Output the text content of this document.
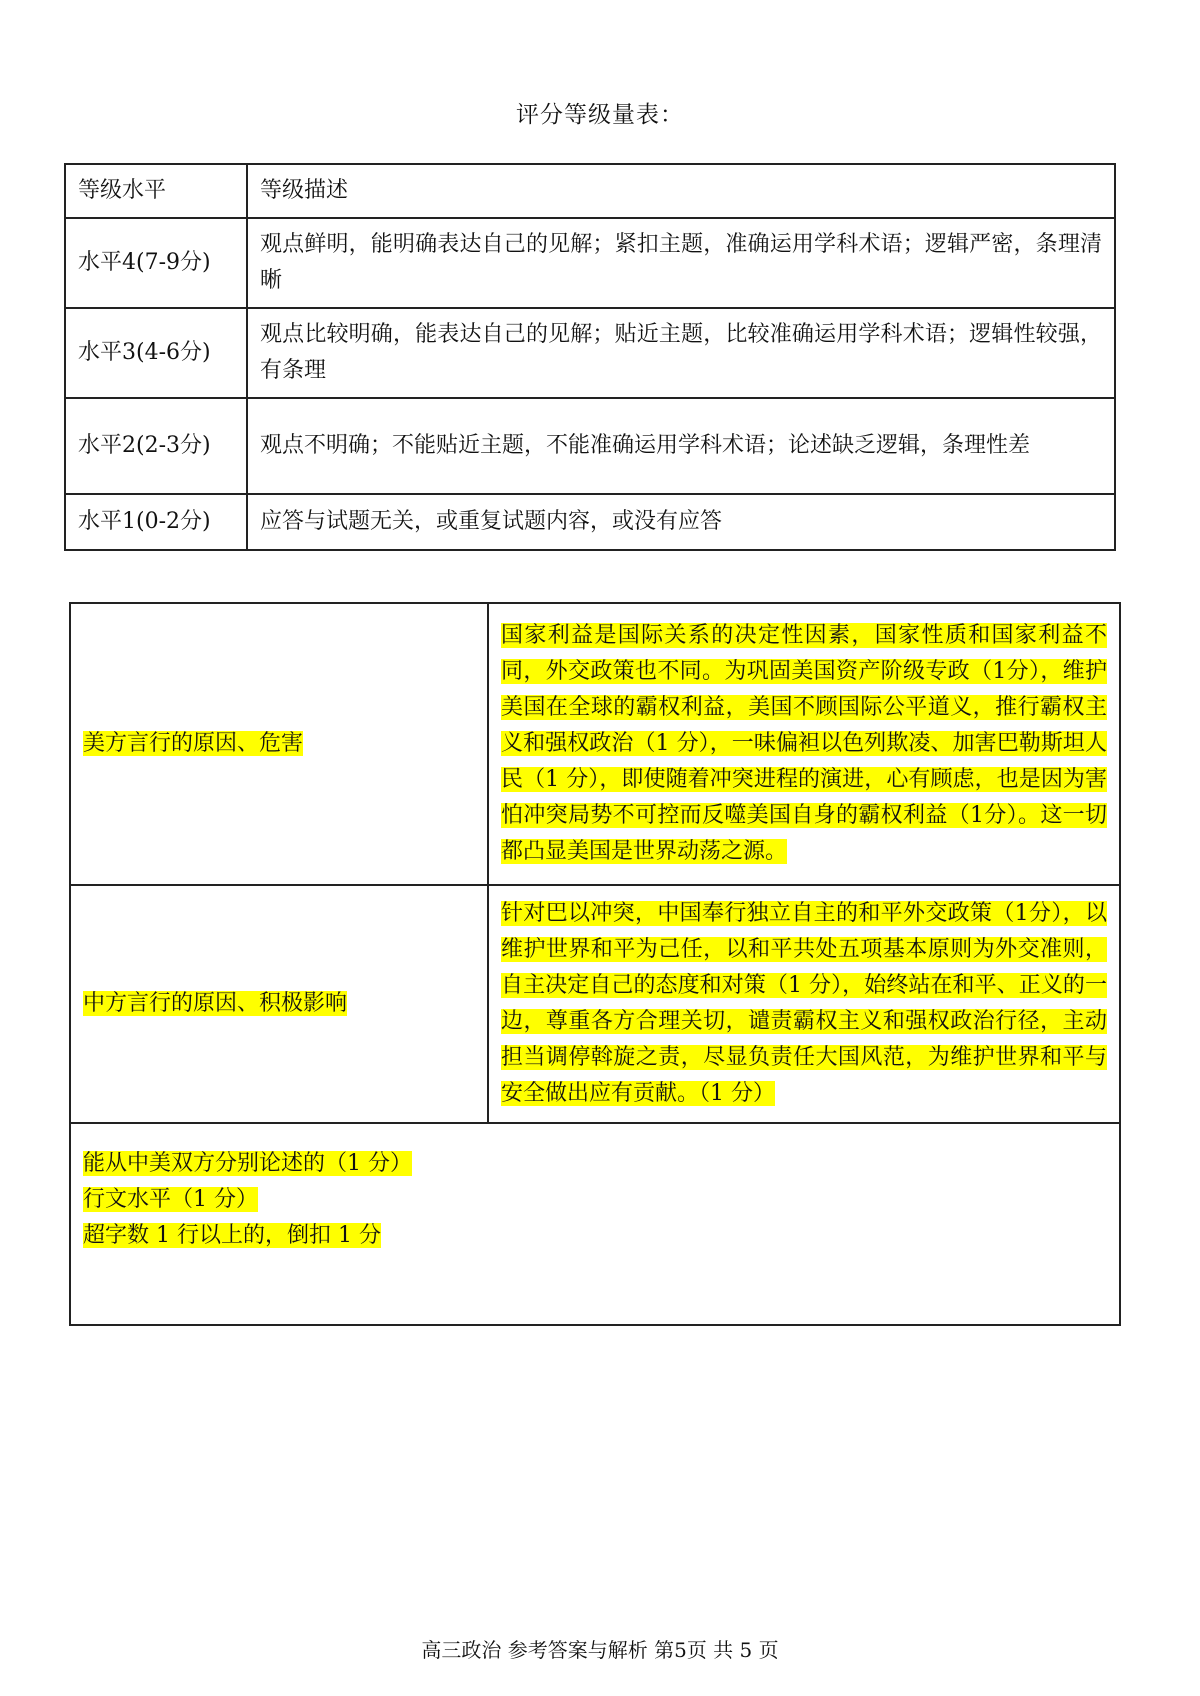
评分等级量表：
等级水平	等级描述
水平4(7-9分)	观点鲜明，能明确表达自己的见解；紧扣主题，准确运用学科术语；逻辑严密，条理清晰
水平3(4-6分)	观点比较明确，能表达自己的见解；贴近主题，比较准确运用学科术语；逻辑性较强，有条理
水平2(2-3分)	观点不明确；不能贴近主题，不能准确运用学科术语；论述缺乏逻辑，条理性差
水平1(0-2分)	应答与试题无关，或重复试题内容，或没有应答
美方言行的原因、危害	国家利益是国际关系的决定性因素，国家性质和国家利益不同，外交政策也不同。为巩固美国资产阶级专政（1分），维护美国在全球的霸权利益，美国不顾国际公平道义，推行霸权主义和强权政治（1 分），一味偏袒以色列欺凌、加害巴勒斯坦人民（1 分），即使随着冲突进程的演进，心有顾虑，也是因为害怕冲突局势不可控而反噬美国自身的霸权利益（1分）。这一切都凸显美国是世界动荡之源。
中方言行的原因、积极影响	针对巴以冲突，中国奉行独立自主的和平外交政策（1分），以维护世界和平为己任，以和平共处五项基本原则为外交准则，自主决定自己的态度和对策（1 分），始终站在和平、正义的一边，尊重各方合理关切，谴责霸权主义和强权政治行径，主动担当调停斡旋之责，尽显负责任大国风范，为维护世界和平与安全做出应有贡献。（1 分）

能从中美双方分别论述的（1 分）
行文水平（1 分）
超字数 1 行以上的，倒扣 1 分	
高三政治 参考答案与解析 第5页 共 5 页
